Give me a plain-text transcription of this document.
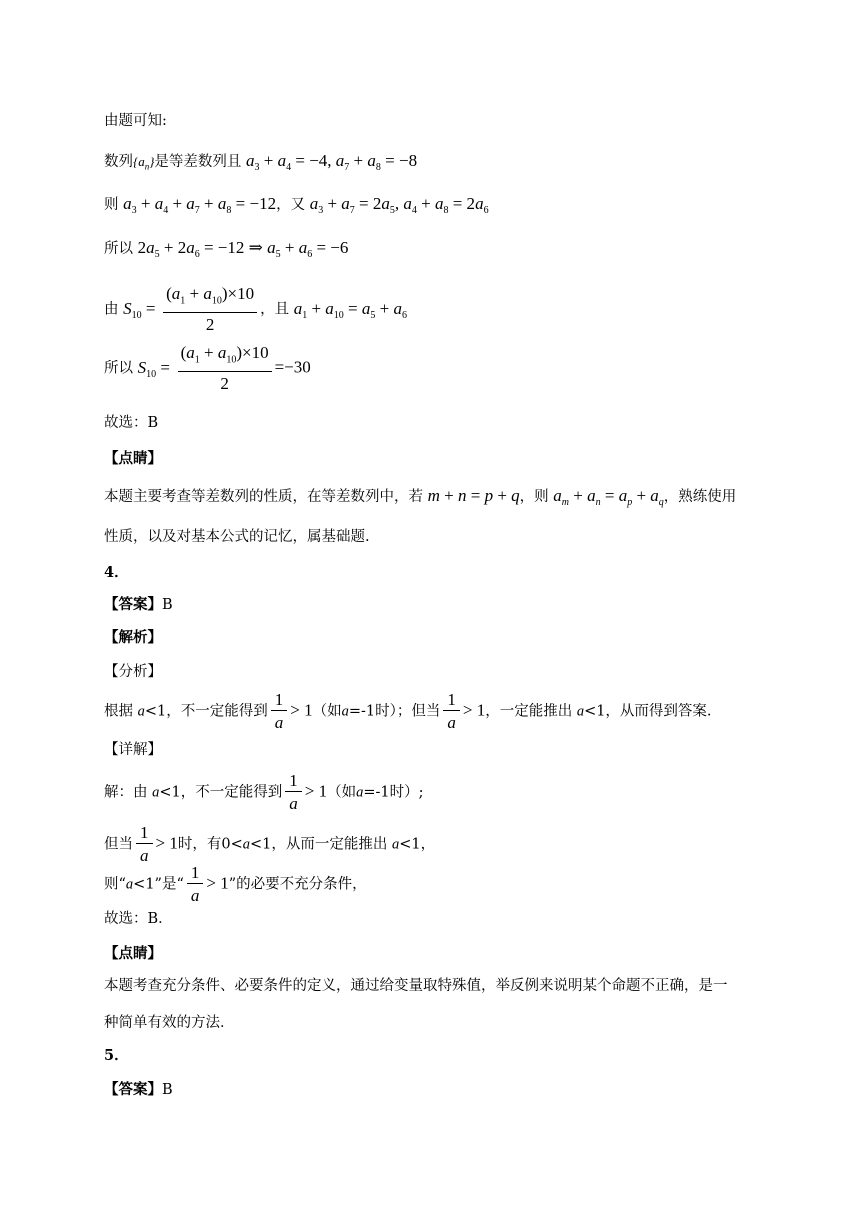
由题可知:
数列$\{a_n\}$是等差数列且 $a_3 + a_4 = -4$, $a_7 + a_8 = -8$
则 $a_3 + a_4 + a_7 + a_8 = -12$，又 $a_3 + a_7 = 2a_5$, $a_4 + a_8 = 2a_6$
所以 $2a_5 + 2a_6 = -12$ ⇒ $a_5 + a_6 = -6$
由 $S_{10} = \frac{(a_1 + a_{10})\times 10}{2}$ ，且 $a_1 + a_{10} = a_5 + a_6$
所以 $S_{10} = \frac{(a_1 + a_{10})\times 10}{2} =-30$
故选：B
【点睛】
本题主要考查等差数列的性质，在等差数列中，若 m + n = p + q，则 $a_m + a_n = a_p + a_q$，熟练使用
性质，以及对基本公式的记忆，属基础题.
4．
【答案】B
【解析】
【分析】
根据 a<1，不一定能得到 $\frac{1}{a} > 1$（如a=-1时）；但当 $\frac{1}{a} > 1$，一定能推出 a<1，从而得到答案.
【详解】
解：由 a<1，不一定能得到 $\frac{1}{a} > 1$（如a=-1时）;
但当 $\frac{1}{a} > 1$时，有0<a<1，从而一定能推出 a<1，
则“a<1”是“ $\frac{1}{a} > 1$”的必要不充分条件，
故选：B．
【点睛】
本题考查充分条件、必要条件的定义，通过给变量取特殊值，举反例来说明某个命题不正确，是一
种简单有效的方法．
5．
【答案】B
